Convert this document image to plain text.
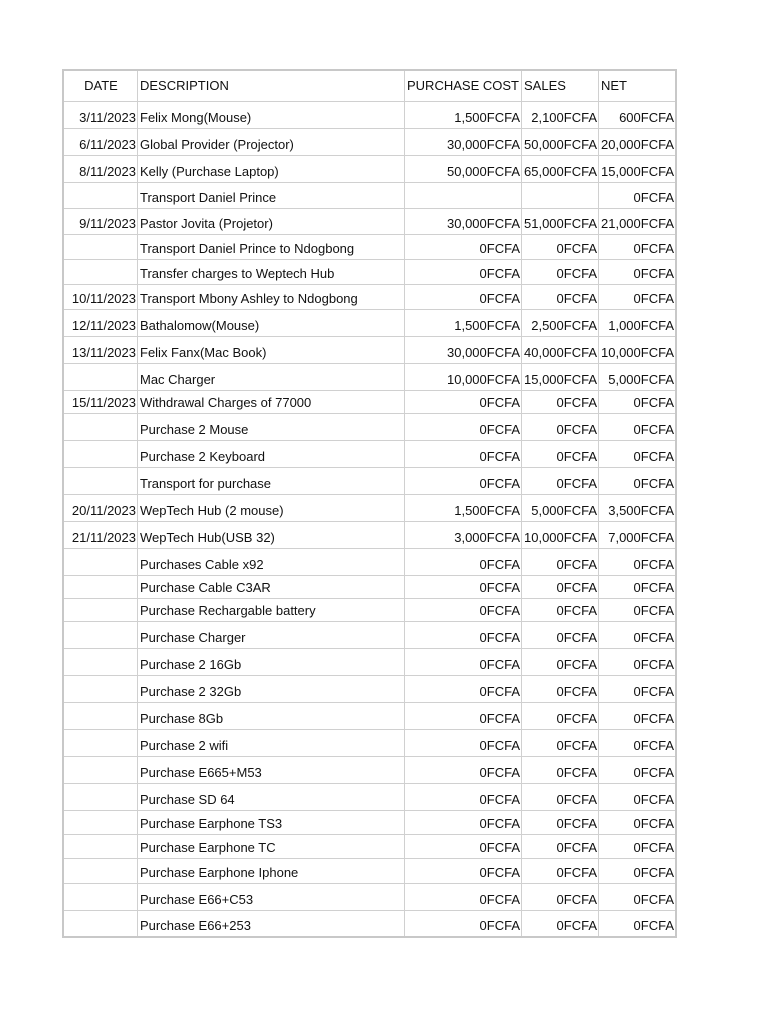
DATE	DESCRIPTION	PURCHASE COST	SALES	NET
3/11/2023	Felix Mong(Mouse)	1,500FCFA	2,100FCFA	600FCFA
6/11/2023	Global Provider (Projector)	30,000FCFA	50,000FCFA	20,000FCFA
8/11/2023	Kelly (Purchase Laptop)	50,000FCFA	65,000FCFA	15,000FCFA
	Transport Daniel Prince			0FCFA
9/11/2023	Pastor Jovita (Projetor)	30,000FCFA	51,000FCFA	21,000FCFA
	Transport Daniel Prince to Ndogbong	0FCFA	0FCFA	0FCFA
	Transfer charges to Weptech Hub	0FCFA	0FCFA	0FCFA
10/11/2023	Transport Mbony Ashley to Ndogbong	0FCFA	0FCFA	0FCFA
12/11/2023	Bathalomow(Mouse)	1,500FCFA	2,500FCFA	1,000FCFA
13/11/2023	Felix Fanx(Mac Book)	30,000FCFA	40,000FCFA	10,000FCFA
	Mac Charger	10,000FCFA	15,000FCFA	5,000FCFA
15/11/2023	Withdrawal Charges of 77000	0FCFA	0FCFA	0FCFA
	Purchase 2 Mouse	0FCFA	0FCFA	0FCFA
	Purchase 2 Keyboard	0FCFA	0FCFA	0FCFA
	Transport for purchase	0FCFA	0FCFA	0FCFA
20/11/2023	WepTech Hub (2 mouse)	1,500FCFA	5,000FCFA	3,500FCFA
21/11/2023	WepTech Hub(USB 32)	3,000FCFA	10,000FCFA	7,000FCFA
	Purchases Cable x92	0FCFA	0FCFA	0FCFA
	Purchase Cable C3AR	0FCFA	0FCFA	0FCFA
	Purchase Rechargable battery	0FCFA	0FCFA	0FCFA
	Purchase Charger	0FCFA	0FCFA	0FCFA
	Purchase 2 16Gb	0FCFA	0FCFA	0FCFA
	Purchase 2 32Gb	0FCFA	0FCFA	0FCFA
	Purchase 8Gb	0FCFA	0FCFA	0FCFA
	Purchase 2 wifi	0FCFA	0FCFA	0FCFA
	Purchase E665+M53	0FCFA	0FCFA	0FCFA
	Purchase SD 64	0FCFA	0FCFA	0FCFA
	Purchase Earphone TS3	0FCFA	0FCFA	0FCFA
	Purchase Earphone TC	0FCFA	0FCFA	0FCFA
	Purchase Earphone Iphone	0FCFA	0FCFA	0FCFA
	Purchase E66+C53	0FCFA	0FCFA	0FCFA
	Purchase E66+253	0FCFA	0FCFA	0FCFA
